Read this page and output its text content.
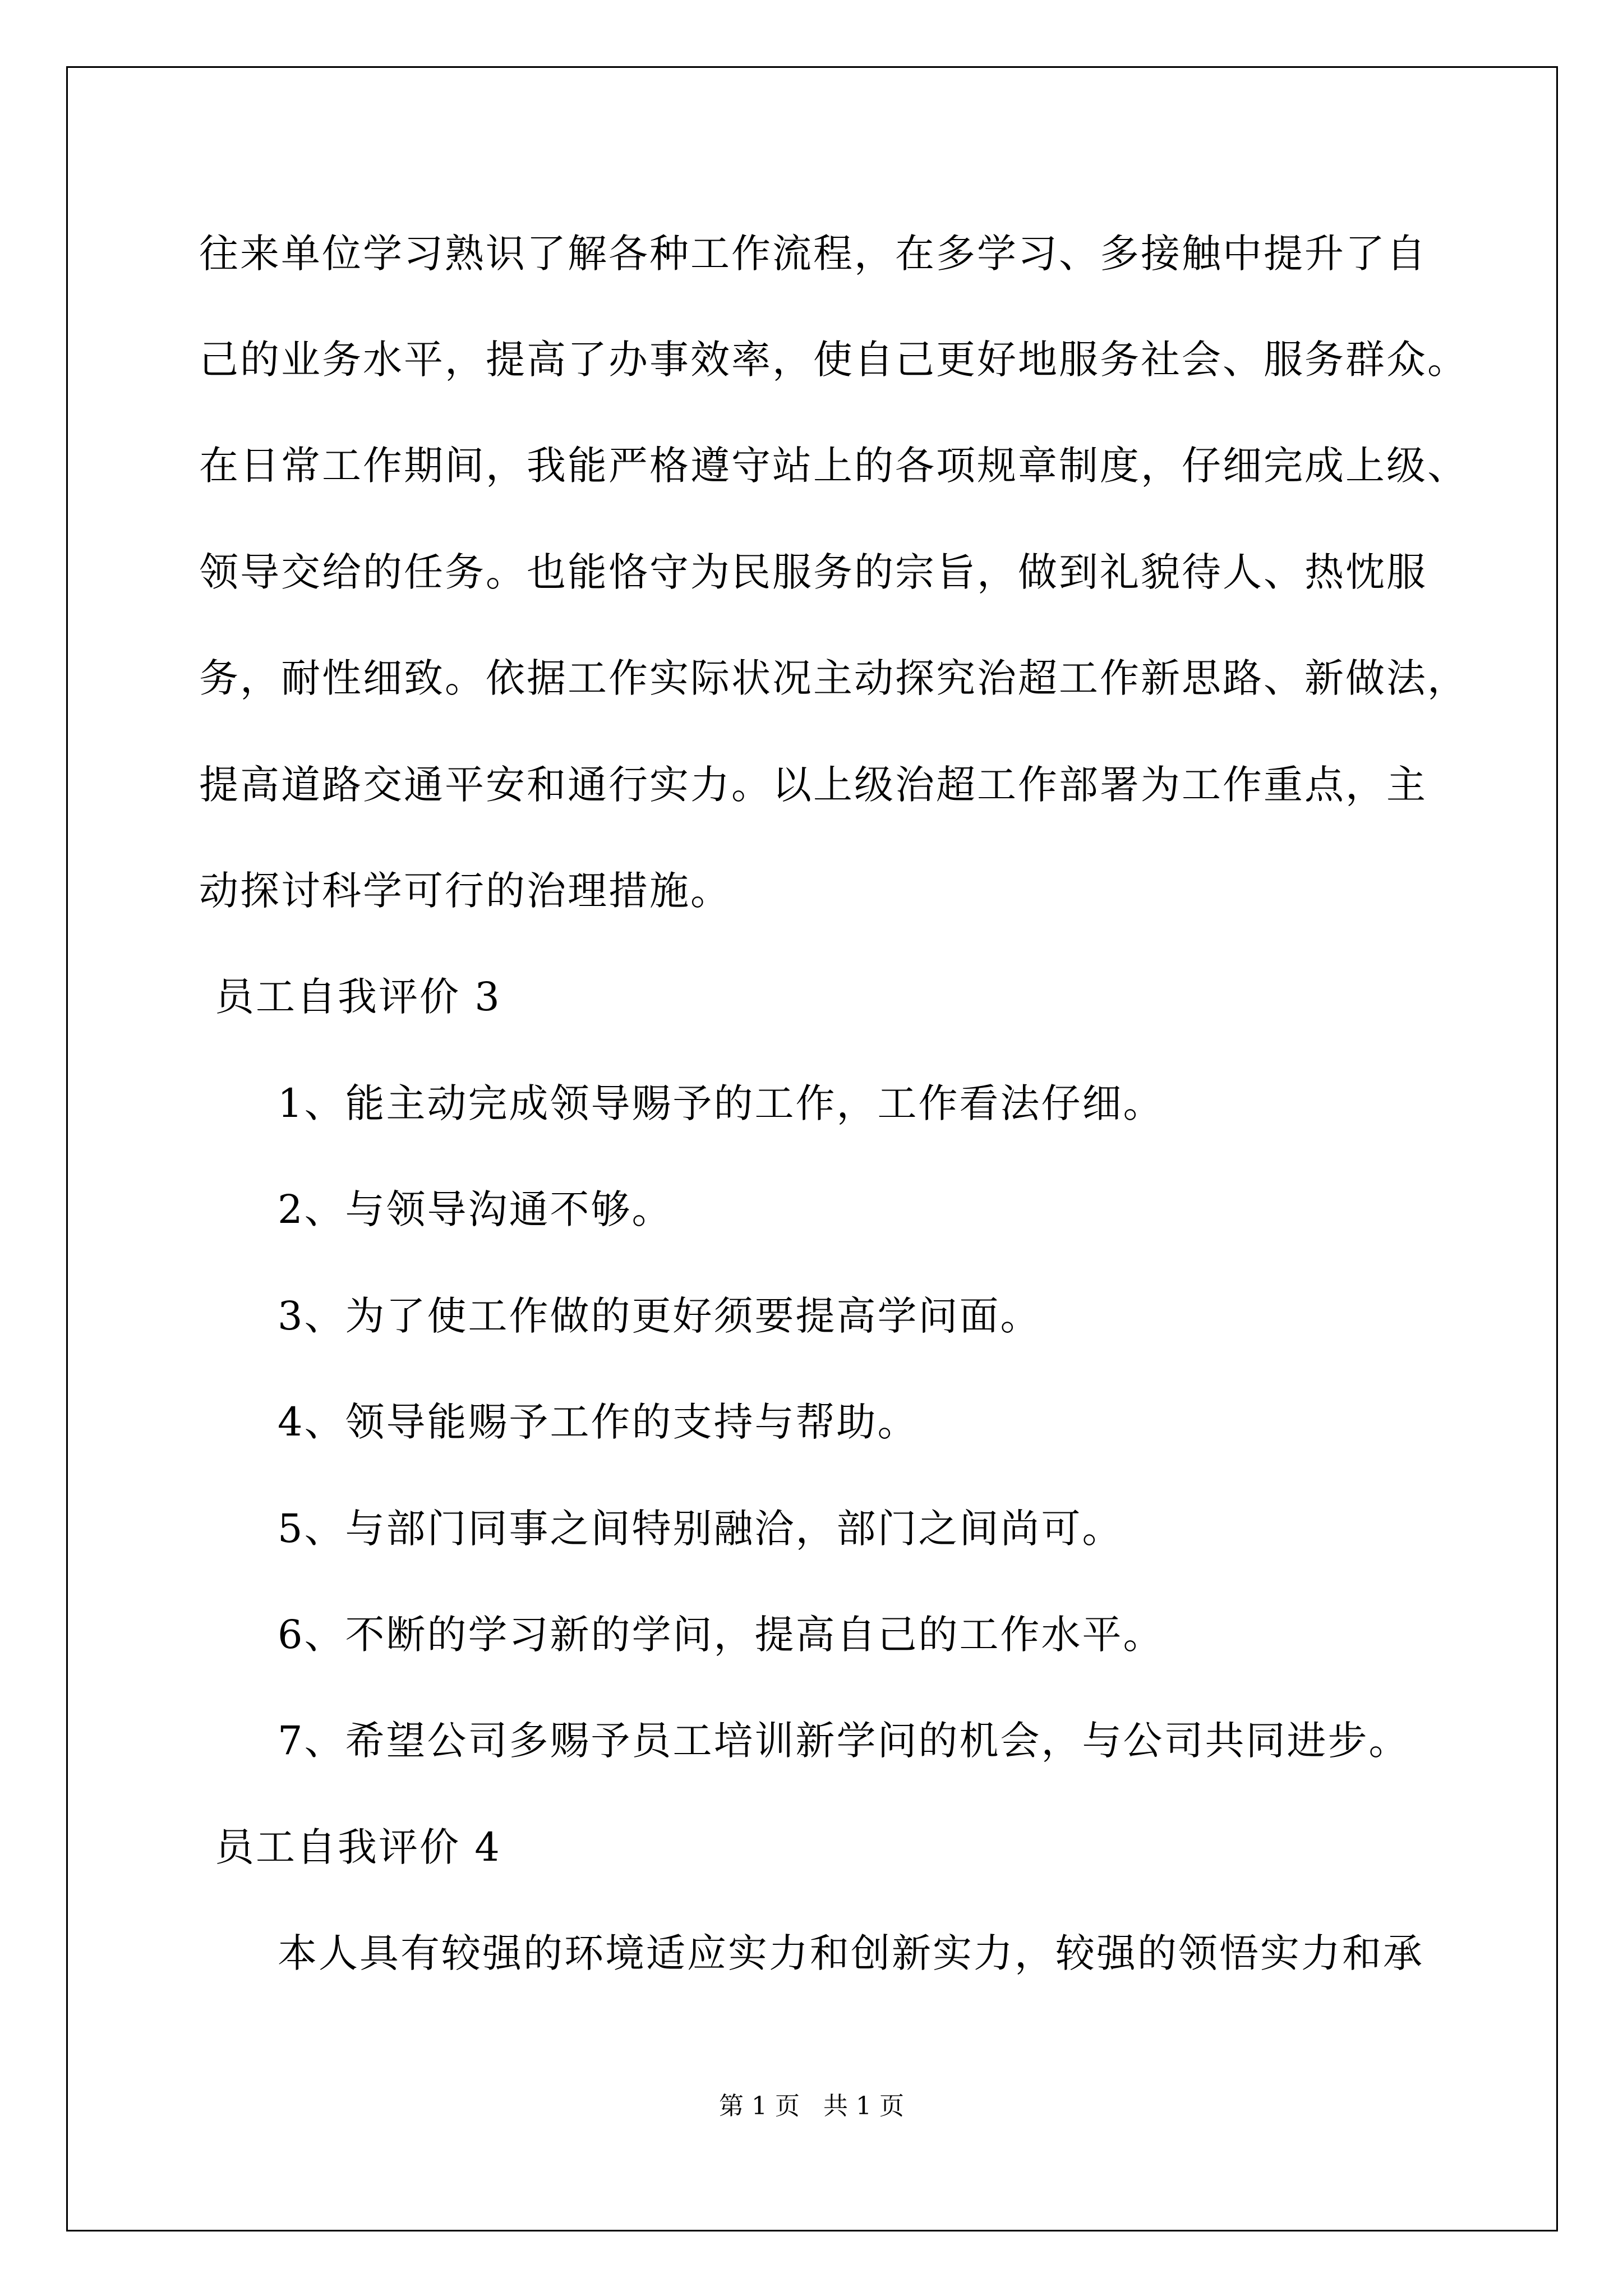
往来单位学习熟识了解各种工作流程，在多学习、多接触中提升了自
己的业务水平，提高了办事效率，使自己更好地服务社会、服务群众。
在日常工作期间，我能严格遵守站上的各项规章制度，仔细完成上级、
领导交给的任务。也能恪守为民服务的宗旨，做到礼貌待人、热忱服
务，耐性细致。依据工作实际状况主动探究治超工作新思路、新做法，
提高道路交通平安和通行实力。以上级治超工作部署为工作重点，主
动探讨科学可行的治理措施。
员工自我评价 3
1、能主动完成领导赐予的工作，工作看法仔细。
2、与领导沟通不够。
3、为了使工作做的更好须要提高学问面。
4、领导能赐予工作的支持与帮助。
5、与部门同事之间特别融洽，部门之间尚可。
6、不断的学习新的学问，提高自己的工作水平。
7、希望公司多赐予员工培训新学问的机会，与公司共同进步。
员工自我评价 4
本人具有较强的环境适应实力和创新实力，较强的领悟实力和承
第 1 页 共 1 页
